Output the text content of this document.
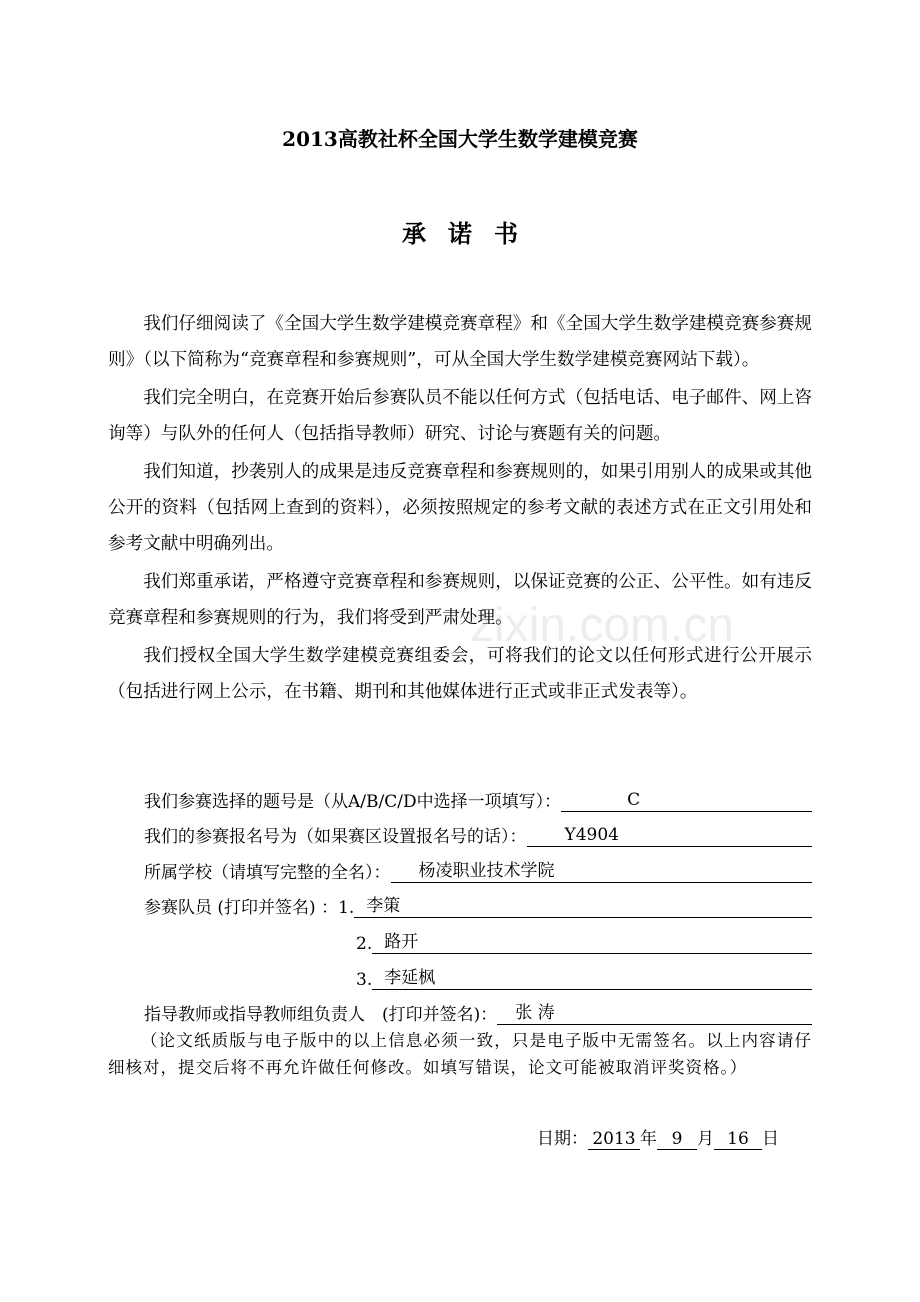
2013高教社杯全国大学生数学建模竞赛
承诺书

我们仔细阅读了《全国大学生数学建模竞赛章程》和《全国大学生数学建模竞赛参赛规则》（以下简称为“竞赛章程和参赛规则”，可从全国大学生数学建模竞赛网站下载）。

我们完全明白，在竞赛开始后参赛队员不能以任何方式（包括电话、电子邮件、网上咨询等）与队外的任何人（包括指导教师）研究、讨论与赛题有关的问题。

我们知道，抄袭别人的成果是违反竞赛章程和参赛规则的，如果引用别人的成果或其他公开的资料（包括网上查到的资料），必须按照规定的参考文献的表述方式在正文引用处和参考文献中明确列出。

我们郑重承诺，严格遵守竞赛章程和参赛规则，以保证竞赛的公正、公平性。如有违反竞赛章程和参赛规则的行为，我们将受到严肃处理。

我们授权全国大学生数学建模竞赛组委会，可将我们的论文以任何形式进行公开展示（包括进行网上公示，在书籍、期刊和其他媒体进行正式或非正式发表等）。

我们参赛选择的题号是（从A/B/C/D中选择一项填写）：	C
我们的参赛报名号为（如果赛区设置报名号的话）：	Y4904
所属学校（请填写完整的全名）：	杨凌职业技术学院
参赛队员 (打印并签名) ： 1. 李策
2. 路开
3. 李延枫
指导教师或指导教师组负责人　(打印并签名)：	张 涛
（论文纸质版与电子版中的以上信息必须一致，只是电子版中无需签名。以上内容请仔细核对，提交后将不再允许做任何修改。如填写错误，论文可能被取消评奖资格。）
日期： 2013 年 9 月 16 日
zixin.com.cn
